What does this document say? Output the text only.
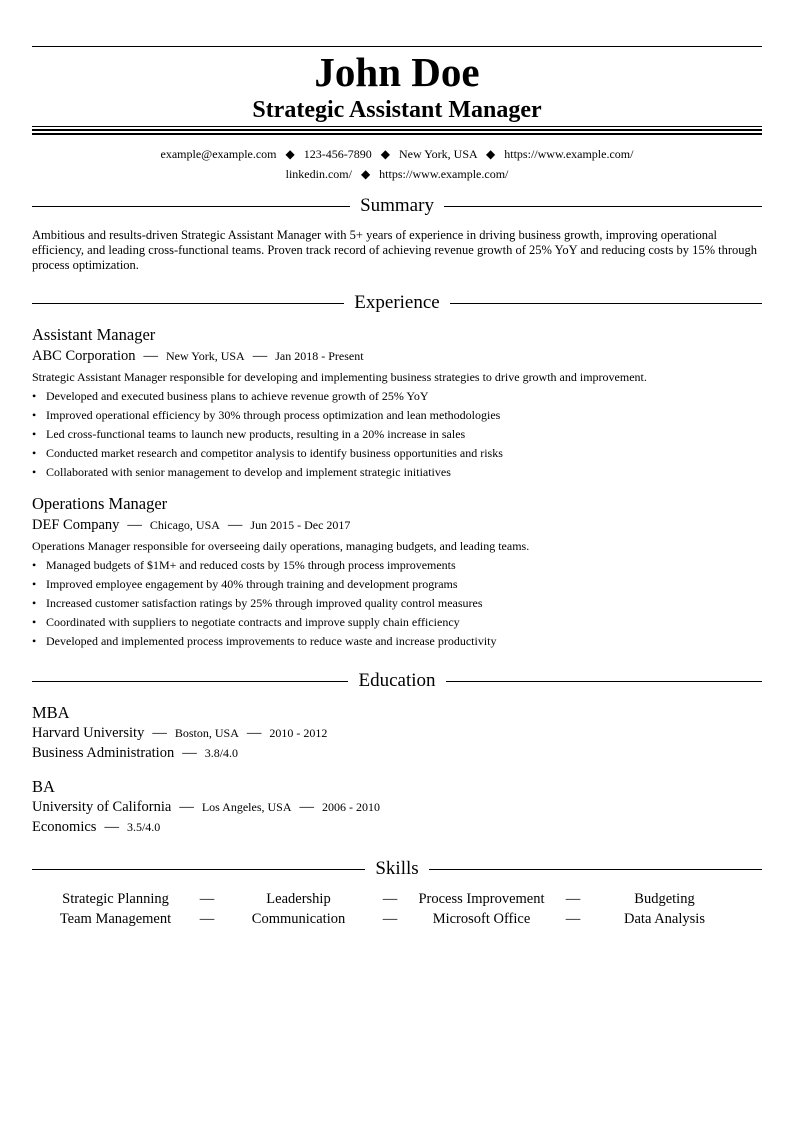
John Doe
Strategic Assistant Manager
example@example.com ◆ 123-456-7890 ◆ New York, USA ◆ https://www.example.com/
linkedin.com/ ◆ https://www.example.com/
Summary
Ambitious and results-driven Strategic Assistant Manager with 5+ years of experience in driving business growth, improving operational efficiency, and leading cross-functional teams. Proven track record of achieving revenue growth of 25% YoY and reducing costs by 15% through process optimization.
Experience
Assistant Manager
ABC Corporation — New York, USA — Jan 2018 - Present
Strategic Assistant Manager responsible for developing and implementing business strategies to drive growth and improvement.
• Developed and executed business plans to achieve revenue growth of 25% YoY
• Improved operational efficiency by 30% through process optimization and lean methodologies
• Led cross-functional teams to launch new products, resulting in a 20% increase in sales
• Conducted market research and competitor analysis to identify business opportunities and risks
• Collaborated with senior management to develop and implement strategic initiatives
Operations Manager
DEF Company — Chicago, USA — Jun 2015 - Dec 2017
Operations Manager responsible for overseeing daily operations, managing budgets, and leading teams.
• Managed budgets of $1M+ and reduced costs by 15% through process improvements
• Improved employee engagement by 40% through training and development programs
• Increased customer satisfaction ratings by 25% through improved quality control measures
• Coordinated with suppliers to negotiate contracts and improve supply chain efficiency
• Developed and implemented process improvements to reduce waste and increase productivity
Education
MBA
Harvard University — Boston, USA — 2010 - 2012
Business Administration — 3.8/4.0
BA
University of California — Los Angeles, USA — 2006 - 2010
Economics — 3.5/4.0
Skills
Strategic Planning	—	Leadership	—	Process Improvement	—	Budgeting
Team Management	—	Communication	—	Microsoft Office	—	Data Analysis
